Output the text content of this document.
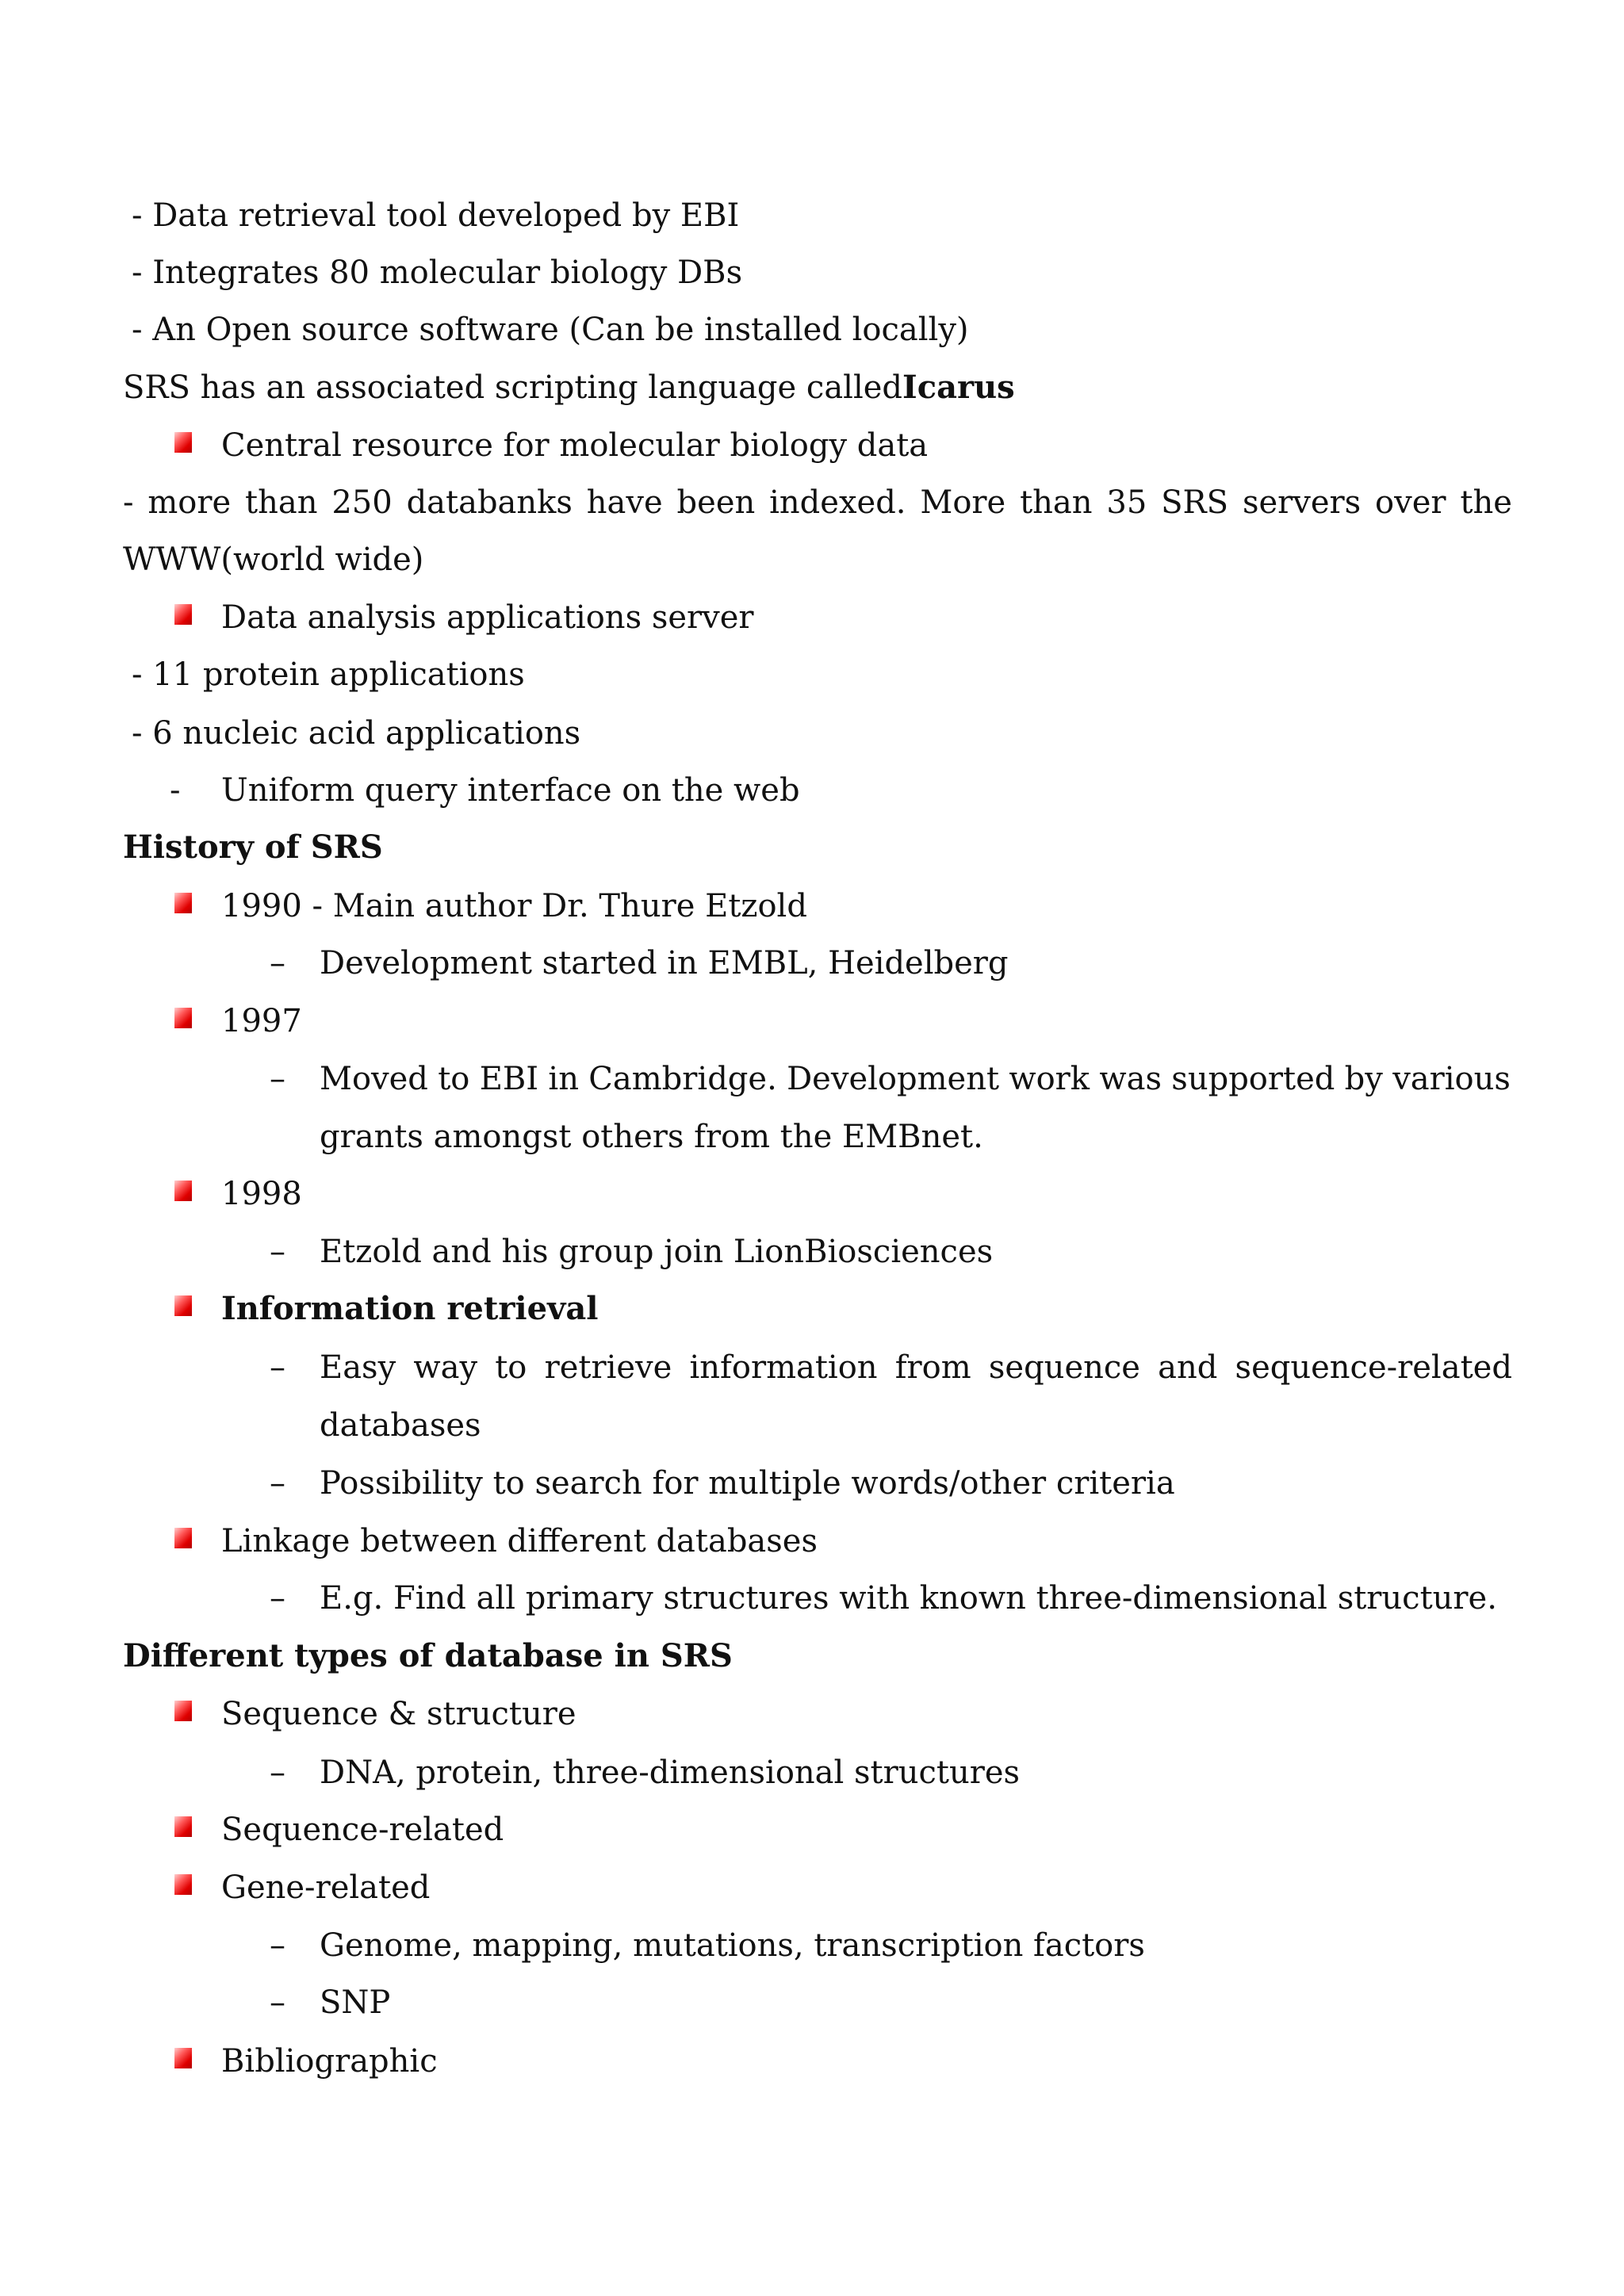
- Data retrieval tool developed by EBI
- Integrates 80 molecular biology DBs
- An Open source software (Can be installed locally)
SRS has an associated scripting language calledIcarus
Central resource for molecular biology data
- more than 250 databanks have been indexed. More than 35 SRS servers over the
WWW(world wide)
Data analysis applications server
- 11 protein applications
- 6 nucleic acid applications
- Uniform query interface on the web
History of SRS
1990 - Main author Dr. Thure Etzold
– Development started in EMBL, Heidelberg
1997
– Moved to EBI in Cambridge. Development work was supported by various
grants amongst others from the EMBnet.
1998
– Etzold and his group join LionBiosciences
Information retrieval
– Easy way to retrieve information from sequence and sequence-related
databases
– Possibility to search for multiple words/other criteria
Linkage between different databases
– E.g. Find all primary structures with known three-dimensional structure.
Different types of database in SRS
Sequence & structure
– DNA, protein, three-dimensional structures
Sequence-related
Gene-related
– Genome, mapping, mutations, transcription factors
– SNP
Bibliographic
